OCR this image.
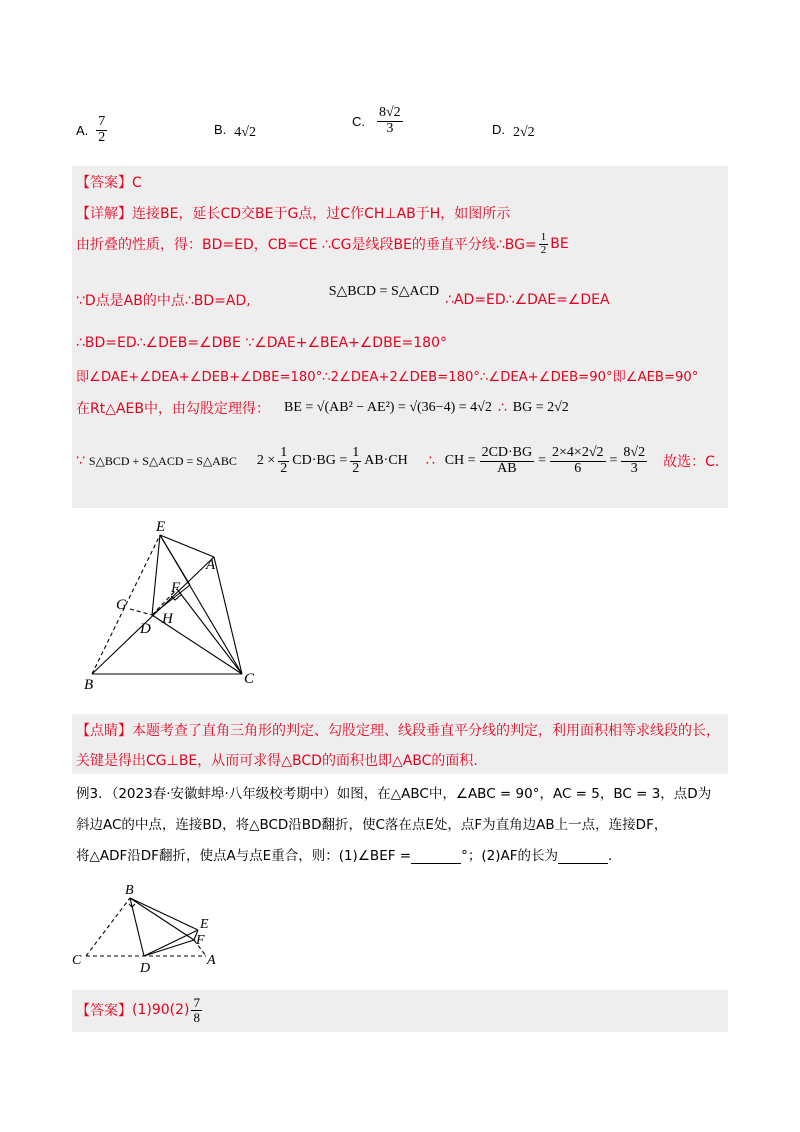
A. $\frac{7}{2}$	B. 4√2
C. $\frac{8√2}{3}$	D. 2√2
【答案】C
【详解】连接BE，延长CD交BE于G点，过C作CH⊥AB于H，如图所示
由折叠的性质，得：BD=ED，CB=CE ∴CG是线段BE的垂直平分线∴BG= $\frac{1}{2}$ BE
∵D点是AB的中点∴BD=AD,
S△BCD = S△ACD
∴AD=ED∴∠DAE=∠DEA
∴BD=ED∴∠DEB=∠DBE ∵∠DAE+∠BEA+∠DBE=180°
即∠DAE+∠DEA+∠DEB+∠DBE=180°∴2∠DEA+2∠DEB=180°∴∠DEA+∠DEB=90°即∠AEB=90°
在Rt△AEB中，由勾股定理得： BE = √(AB² − AE²) = √(36−4) = 4√2 ∴ BG = 2√2
∵ S△BCD + S△ACD = S△ABC $2 \times \frac{1}{2} CD\cdot BG = \frac{1}{2} AB\cdot CH$ ∴ CH = $\frac{2CD\cdot BG}{AB} = \frac{2\times 4\times 2√2}{6} = \frac{8√2}{3}$ 故选：C.
E
A
F
G
H
D
B	C
【点睛】本题考查了直角三角形的判定、勾股定理、线段垂直平分线的判定，利用面积相等求线段的长，
关键是得出CG⊥BE，从而可求得△BCD的面积也即△ABC的面积.
例3．（2023春·安徽蚌埠·八年级校考期中）如图，在△ABC中，∠ABC = 90°，AC = 5，BC = 3，点D为
斜边AC的中点，连接BD，将△BCD沿BD翻折，使C落在点E处，点F为直角边AB上一点，连接DF，
将△ADF沿DF翻折，使点A与点E重合，则：(1)∠BEF =	°；(2)AF的长为	.
B
E
F
C
D
A
【答案】 $(1)90(2) \frac{7}{8}$
